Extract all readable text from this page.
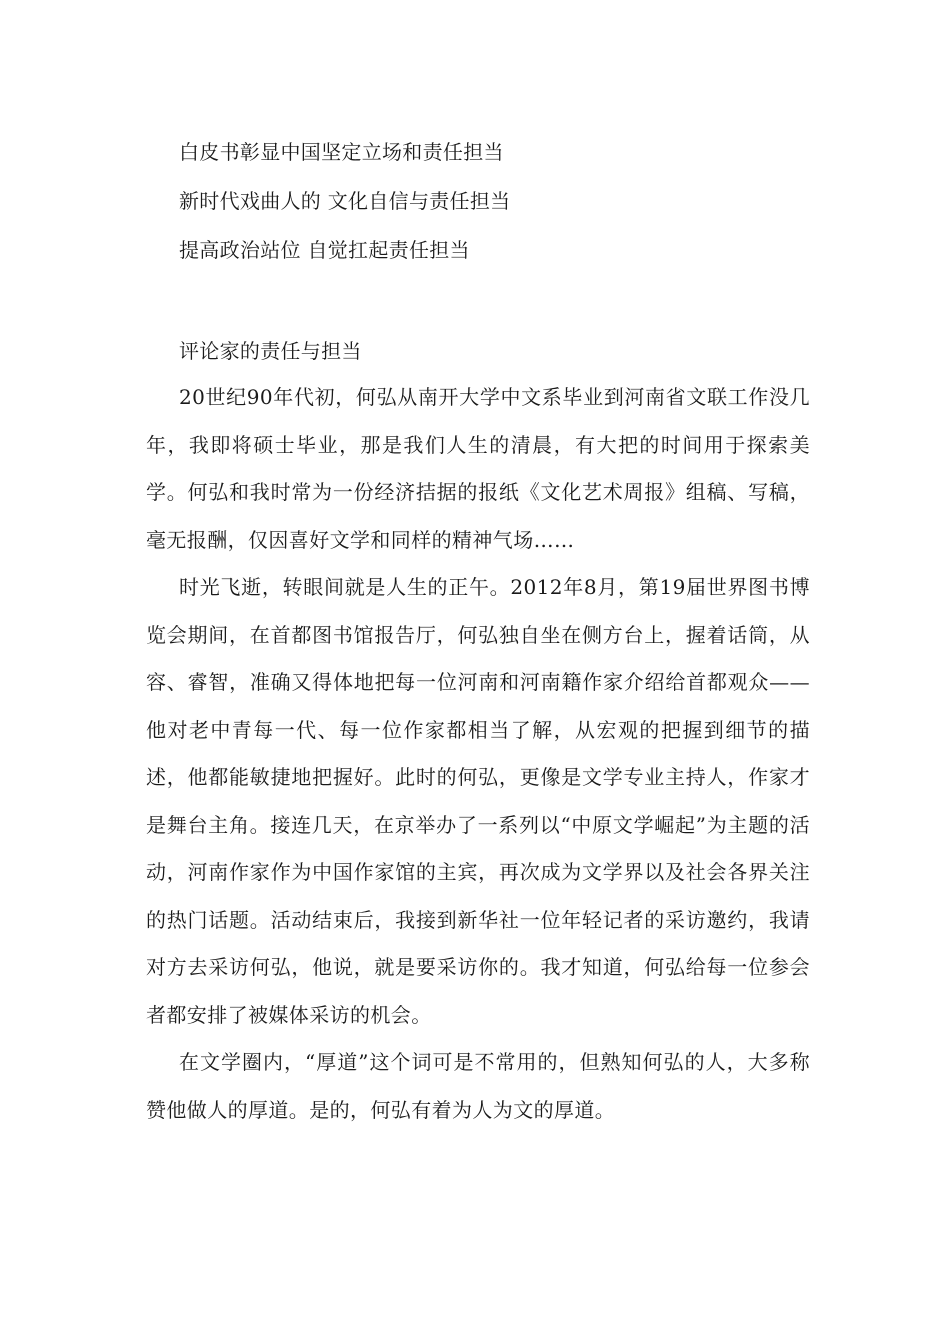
白皮书彰显中国坚定立场和责任担当
新时代戏曲人的 文化自信与责任担当
提高政治站位 自觉扛起责任担当
评论家的责任与担当

20世纪90年代初，何弘从南开大学中文系毕业到河南省文联工作没几年，我即将硕士毕业，那是我们人生的清晨，有大把的时间用于探索美学。何弘和我时常为一份经济拮据的报纸《文化艺术周报》组稿、写稿，毫无报酬，仅因喜好文学和同样的精神气场……

时光飞逝，转眼间就是人生的正午。2012年8月，第19届世界图书博览会期间，在首都图书馆报告厅，何弘独自坐在侧方台上，握着话筒，从容、睿智，准确又得体地把每一位河南和河南籍作家介绍给首都观众——他对老中青每一代、每一位作家都相当了解，从宏观的把握到细节的描述，他都能敏捷地把握好。此时的何弘，更像是文学专业主持人，作家才是舞台主角。接连几天，在京举办了一系列以“中原文学崛起”为主题的活动，河南作家作为中国作家馆的主宾，再次成为文学界以及社会各界关注的热门话题。活动结束后，我接到新华社一位年轻记者的采访邀约，我请对方去采访何弘，他说，就是要采访你的。我才知道，何弘给每一位参会者都安排了被媒体采访的机会。

在文学圈内，“厚道”这个词可是不常用的，但熟知何弘的人，大多称赞他做人的厚道。是的，何弘有着为人为文的厚道。
